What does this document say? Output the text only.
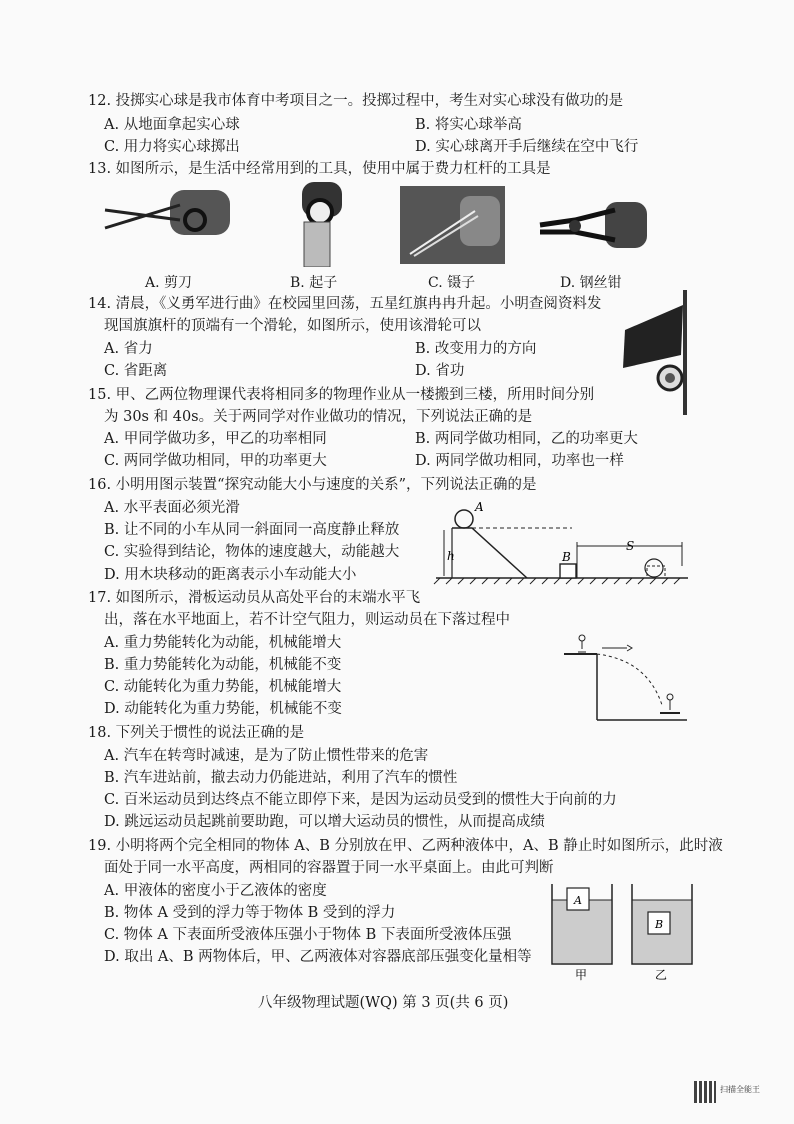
12. 投掷实心球是我市体育中考项目之一。投掷过程中，考生对实心球没有做功的是
A. 从地面拿起实心球	B. 将实心球举高
C. 用力将实心球掷出	D. 实心球离开手后继续在空中飞行
13. 如图所示，是生活中经常用到的工具，使用中属于费力杠杆的工具是
A. 剪刀	B. 起子	C. 镊子	D. 钢丝钳
14. 清晨，《义勇军进行曲》在校园里回荡，五星红旗冉冉升起。小明查阅资料发
现国旗旗杆的顶端有一个滑轮，如图所示，使用该滑轮可以
A. 省力	B. 改变用力的方向
C. 省距离	D. 省功
15. 甲、乙两位物理课代表将相同多的物理作业从一楼搬到三楼，所用时间分别
为 30s 和 40s。关于两同学对作业做功的情况，下列说法正确的是
A. 甲同学做功多，甲乙的功率相同	B. 两同学做功相同，乙的功率更大
C. 两同学做功相同，甲的功率更大	D. 两同学做功相同，功率也一样
16. 小明用图示装置“探究动能大小与速度的关系”，下列说法正确的是
A. 水平表面必须光滑
B. 让不同的小车从同一斜面同一高度静止释放
C. 实验得到结论，物体的速度越大，动能越大
D. 用木块移动的距离表示小车动能大小
A
h	B
S
17. 如图所示，滑板运动员从高处平台的末端水平飞
出，落在水平地面上，若不计空气阻力，则运动员在下落过程中
A. 重力势能转化为动能，机械能增大
B. 重力势能转化为动能，机械能不变
C. 动能转化为重力势能，机械能增大
D. 动能转化为重力势能，机械能不变
18. 下列关于惯性的说法正确的是
A. 汽车在转弯时减速，是为了防止惯性带来的危害
B. 汽车进站前，撤去动力仍能进站，利用了汽车的惯性
C. 百米运动员到达终点不能立即停下来，是因为运动员受到的惯性大于向前的力
D. 跳远运动员起跳前要助跑，可以增大运动员的惯性，从而提高成绩
19. 小明将两个完全相同的物体 A、B 分别放在甲、乙两种液体中，A、B 静止时如图所示，此时液
面处于同一水平高度，两相同的容器置于同一水平桌面上。由此可判断
A. 甲液体的密度小于乙液体的密度
B. 物体 A 受到的浮力等于物体 B 受到的浮力
C. 物体 A 下表面所受液体压强小于物体 B 下表面所受液体压强
D. 取出 A、B 两物体后，甲、乙两液体对容器底部压强变化量相等
A
B
甲	乙
八年级物理试题(WQ) 第 3 页(共 6 页)
扫描全能王
